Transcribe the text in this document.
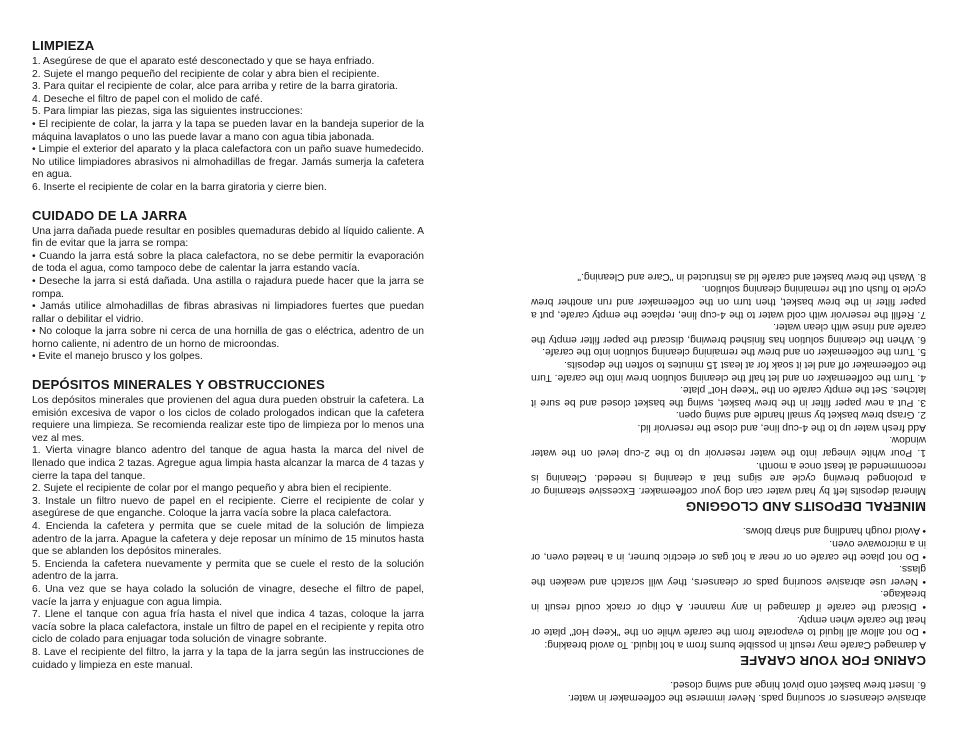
LIMPIEZA

1. Asegúrese de que el aparato esté desconectado y que se haya enfriado.

2. Sujete el mango pequeño del recipiente de colar y abra bien el recipiente.

3. Para quitar el recipiente de colar, alce para arriba y retire de la barra giratoria.

4. Deseche el filtro de papel con el molido de café.

5. Para limpiar las piezas, siga las siguientes instrucciones:

• El recipiente de colar, la jarra y la tapa se pueden lavar en la bandeja superior de la máquina lavaplatos o uno las puede lavar a mano con agua tibia jabonada.

• Limpie el exterior del aparato y la placa calefactora con un paño suave humedecido. No utilice limpiadores abrasivos ni almohadillas de fregar. Jamás sumerja la cafetera en agua.

6. Inserte el recipiente de colar en la barra giratoria y cierre bien.

CUIDADO DE LA JARRA

Una jarra dañada puede resultar en posibles quemaduras debido al líquido caliente. A fin de evitar que la jarra se rompa:

• Cuando la jarra está sobre la placa calefactora, no se debe permitir la evaporación de toda el agua, como tampoco debe de calentar la jarra estando vacía.

• Deseche la jarra si está dañada. Una astilla o rajadura puede hacer que la jarra se rompa.

• Jamás utilice almohadillas de fibras abrasivas ni limpiadores fuertes que puedan rallar o debilitar el vidrio.

• No coloque la jarra sobre ni cerca de una hornilla de gas o eléctrica, adentro de un horno caliente, ni adentro de un horno de microondas.

• Evite el manejo brusco y los golpes.

DEPÓSITOS MINERALES Y OBSTRUCCIONES

Los depósitos minerales que provienen del agua dura pueden obstruir la cafetera. La emisión excesiva de vapor o los ciclos de colado prologados indican que la cafetera requiere una limpieza. Se recomienda realizar este tipo de limpieza por lo menos una vez al mes.

1. Vierta vinagre blanco adentro del tanque de agua hasta la marca del nivel de llenado que indica 2 tazas. Agregue agua limpia hasta alcanzar la marca de 4 tazas y cierre la tapa del tanque.

2. Sujete el recipiente de colar por el mango pequeño y abra bien el recipiente.

3. Instale un filtro nuevo de papel en el recipiente. Cierre el recipiente de colar y asegúrese de que enganche. Coloque la jarra vacía sobre la placa calefactora.

4. Encienda la cafetera y permita que se cuele mitad de la solución de limpieza adentro de la jarra. Apague la cafetera y deje reposar un mínimo de 15 minutos hasta que se ablanden los depósitos minerales.

5. Encienda la cafetera nuevamente y permita que se cuele el resto de la solución adentro de la jarra.

6. Una vez que se haya colado la solución de vinagre, deseche el filtro de papel, vacíe la jarra y enjuague con agua limpia.

7. Llene el tanque con agua fría hasta el nivel que indica 4 tazas, coloque la jarra vacía sobre la placa calefactora, instale un filtro de papel en el recipiente y repita otro ciclo de colado para enjuagar toda solución de vinagre sobrante.

8. Lave el recipiente del filtro, la jarra y la tapa de la jarra según las instrucciones de cuidado y limpieza en este manual.

abrasive cleansers or scouring pads. Never immerse the coffeemaker in water.

6. Insert brew basket onto pivot hinge and swing closed.

CARING FOR YOUR CARAFE

A damaged Carafe may result in possible burns from a hot liquid. To avoid breaking:

• Do not allow all liquid to evaporate from the carafe while on the "Keep Hot" plate or heat the carafe when empty.

• Discard the carafe if damaged in any manner. A chip or crack could result in breakage.

• Never use abrasive scouring pads or cleansers, they will scratch and weaken the glass.

• Do not place the carafe on or near a hot gas or electric burner, in a heated oven, or in a microwave oven.

• Avoid rough handling and sharp blows.

MINERAL DEPOSITS AND CLOGGING

Mineral deposits left by hard water can clog your coffeemaker. Excessive steaming or a prolonged brewing cycle are signs that a cleaning is needed. Cleaning is recommended at least once a month.

1. Pour white vinegar into the water reservoir up to the 2-cup level on the water window.

Add fresh water up to the 4-cup line, and close the reservoir lid.

2. Grasp brew basket by small handle and swing open.

3. Put a new paper filter in the brew basket, swing the basket closed and be sure it latches. Set the empty carafe on the "Keep Hot" plate.

4. Turn the coffeemaker on and let half the cleaning solution brew into the carafe. Turn the coffeemaker off and let it soak for at least 15 minutes to soften the deposits.

5. Turn the coffeemaker on and brew the remaining cleaning solution into the carafe.

6. When the cleaning solution has finished brewing, discard the paper filter empty the carafe and rinse with clean water.

7. Refill the reservoir with cold water to the 4-cup line, replace the empty carafe, put a paper filter in the brew basket, then turn on the coffeemaker and run another brew cycle to flush out the remaining cleaning solution.

8. Wash the brew basket and carafe lid as instructed in "Care and Cleaning."
